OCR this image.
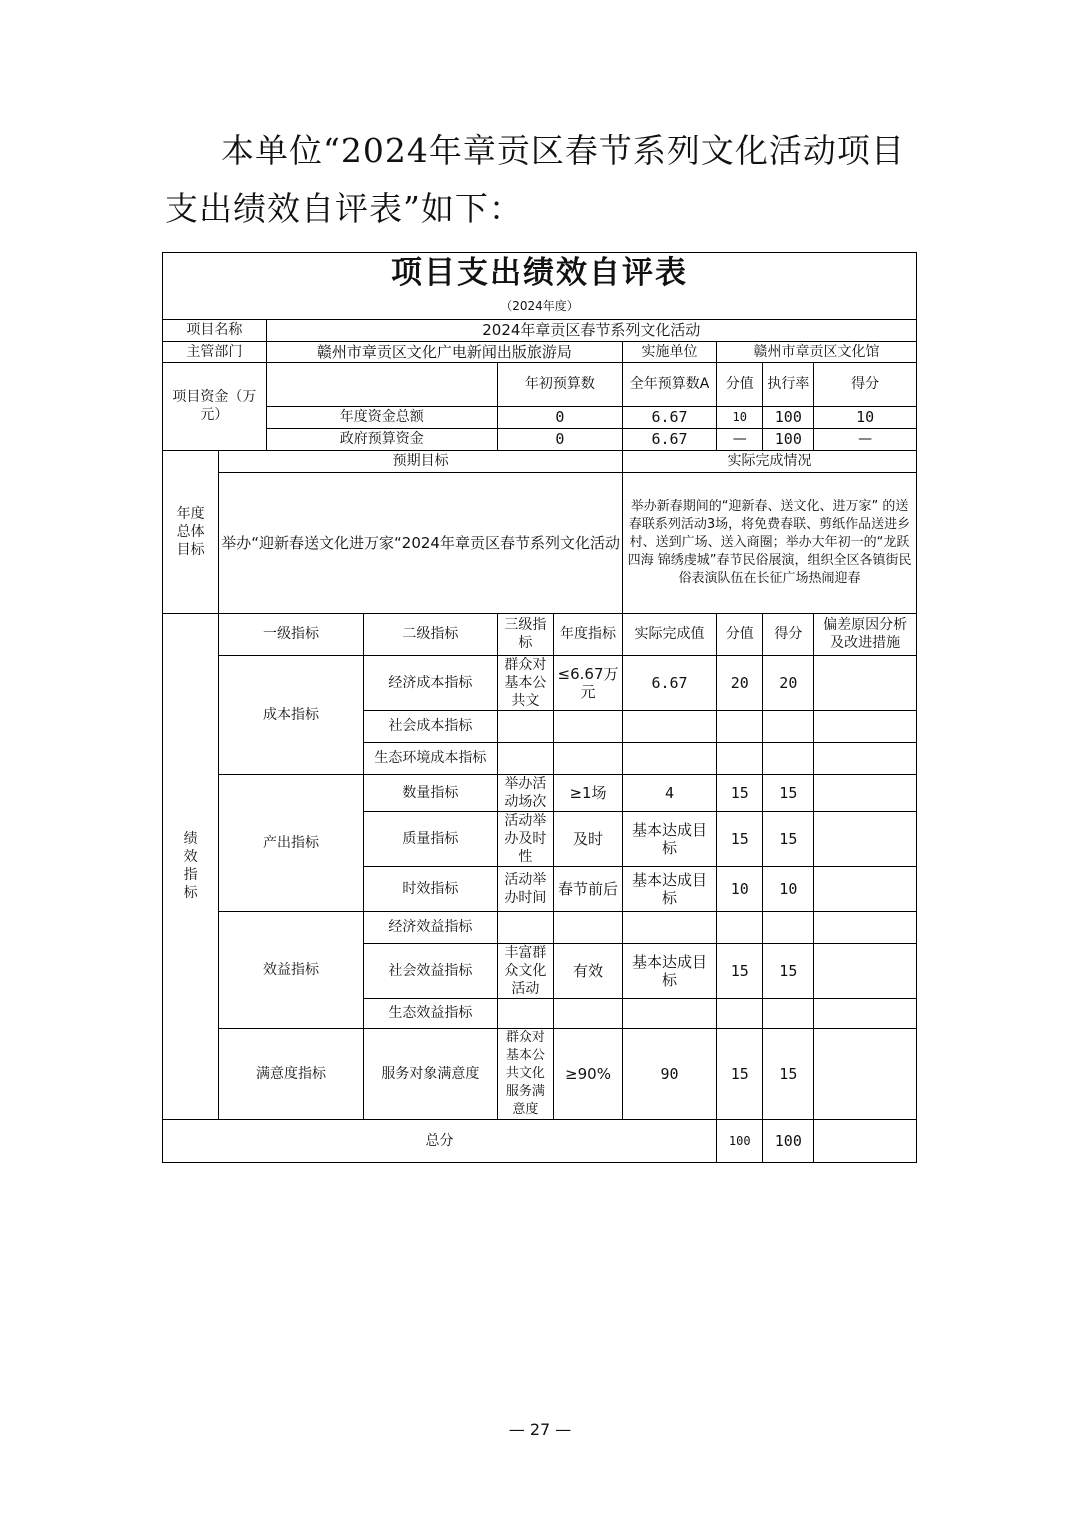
本单位“2024年章贡区春节系列文化活动项目支出绩效自评表”如下：
项目支出绩效自评表									
（2024年度）									
项目名称		2024年章贡区春节系列文化活动							
主管部门		赣州市章贡区文化广电新闻出版旅游局				实施单位	赣州市章贡区文化馆		
项目资金（万元）				年初预算数		全年预算数A	分值	执行率	得分
		年度资金总额		0		6.67	10	100	10
		政府预算资金		0		6.67	—	100	—
年度总体目标	预期目标					实际完成情况			
	举办“迎新春送文化进万家“2024年章贡区春节系列文化活动					举办新春期间的“迎新春、送文化、进万家” 的送春联系列活动3场，将免费春联、剪纸作品送进乡村、送到广场、送入商圈；举办大年初一的“龙跃四海 锦绣虔城”春节民俗展演，组织全区各镇街民俗表演队伍在长征广场热闹迎春			
绩效指标	一级指标		二级指标	三级指标	年度指标	实际完成值	分值	得分	偏差原因分析及改进措施
	成本指标		经济成本指标	群众对基本公共文	≤6.67万元	6.67	20	20	
			社会成本指标						
			生态环境成本指标						
	产出指标		数量指标	举办活动场次	≥1场	4	15	15	
			质量指标	活动举办及时性	及时	基本达成目标	15	15	
			时效指标	活动举办时间	春节前后	基本达成目标	10	10	
	效益指标		经济效益指标						
			社会效益指标	丰富群众文化活动	有效	基本达成目标	15	15	
			生态效益指标						
	满意度指标		服务对象满意度	群众对基本公共文化服务满意度	≥90%	90	15	15	
总分							100	100	
— 27 —
